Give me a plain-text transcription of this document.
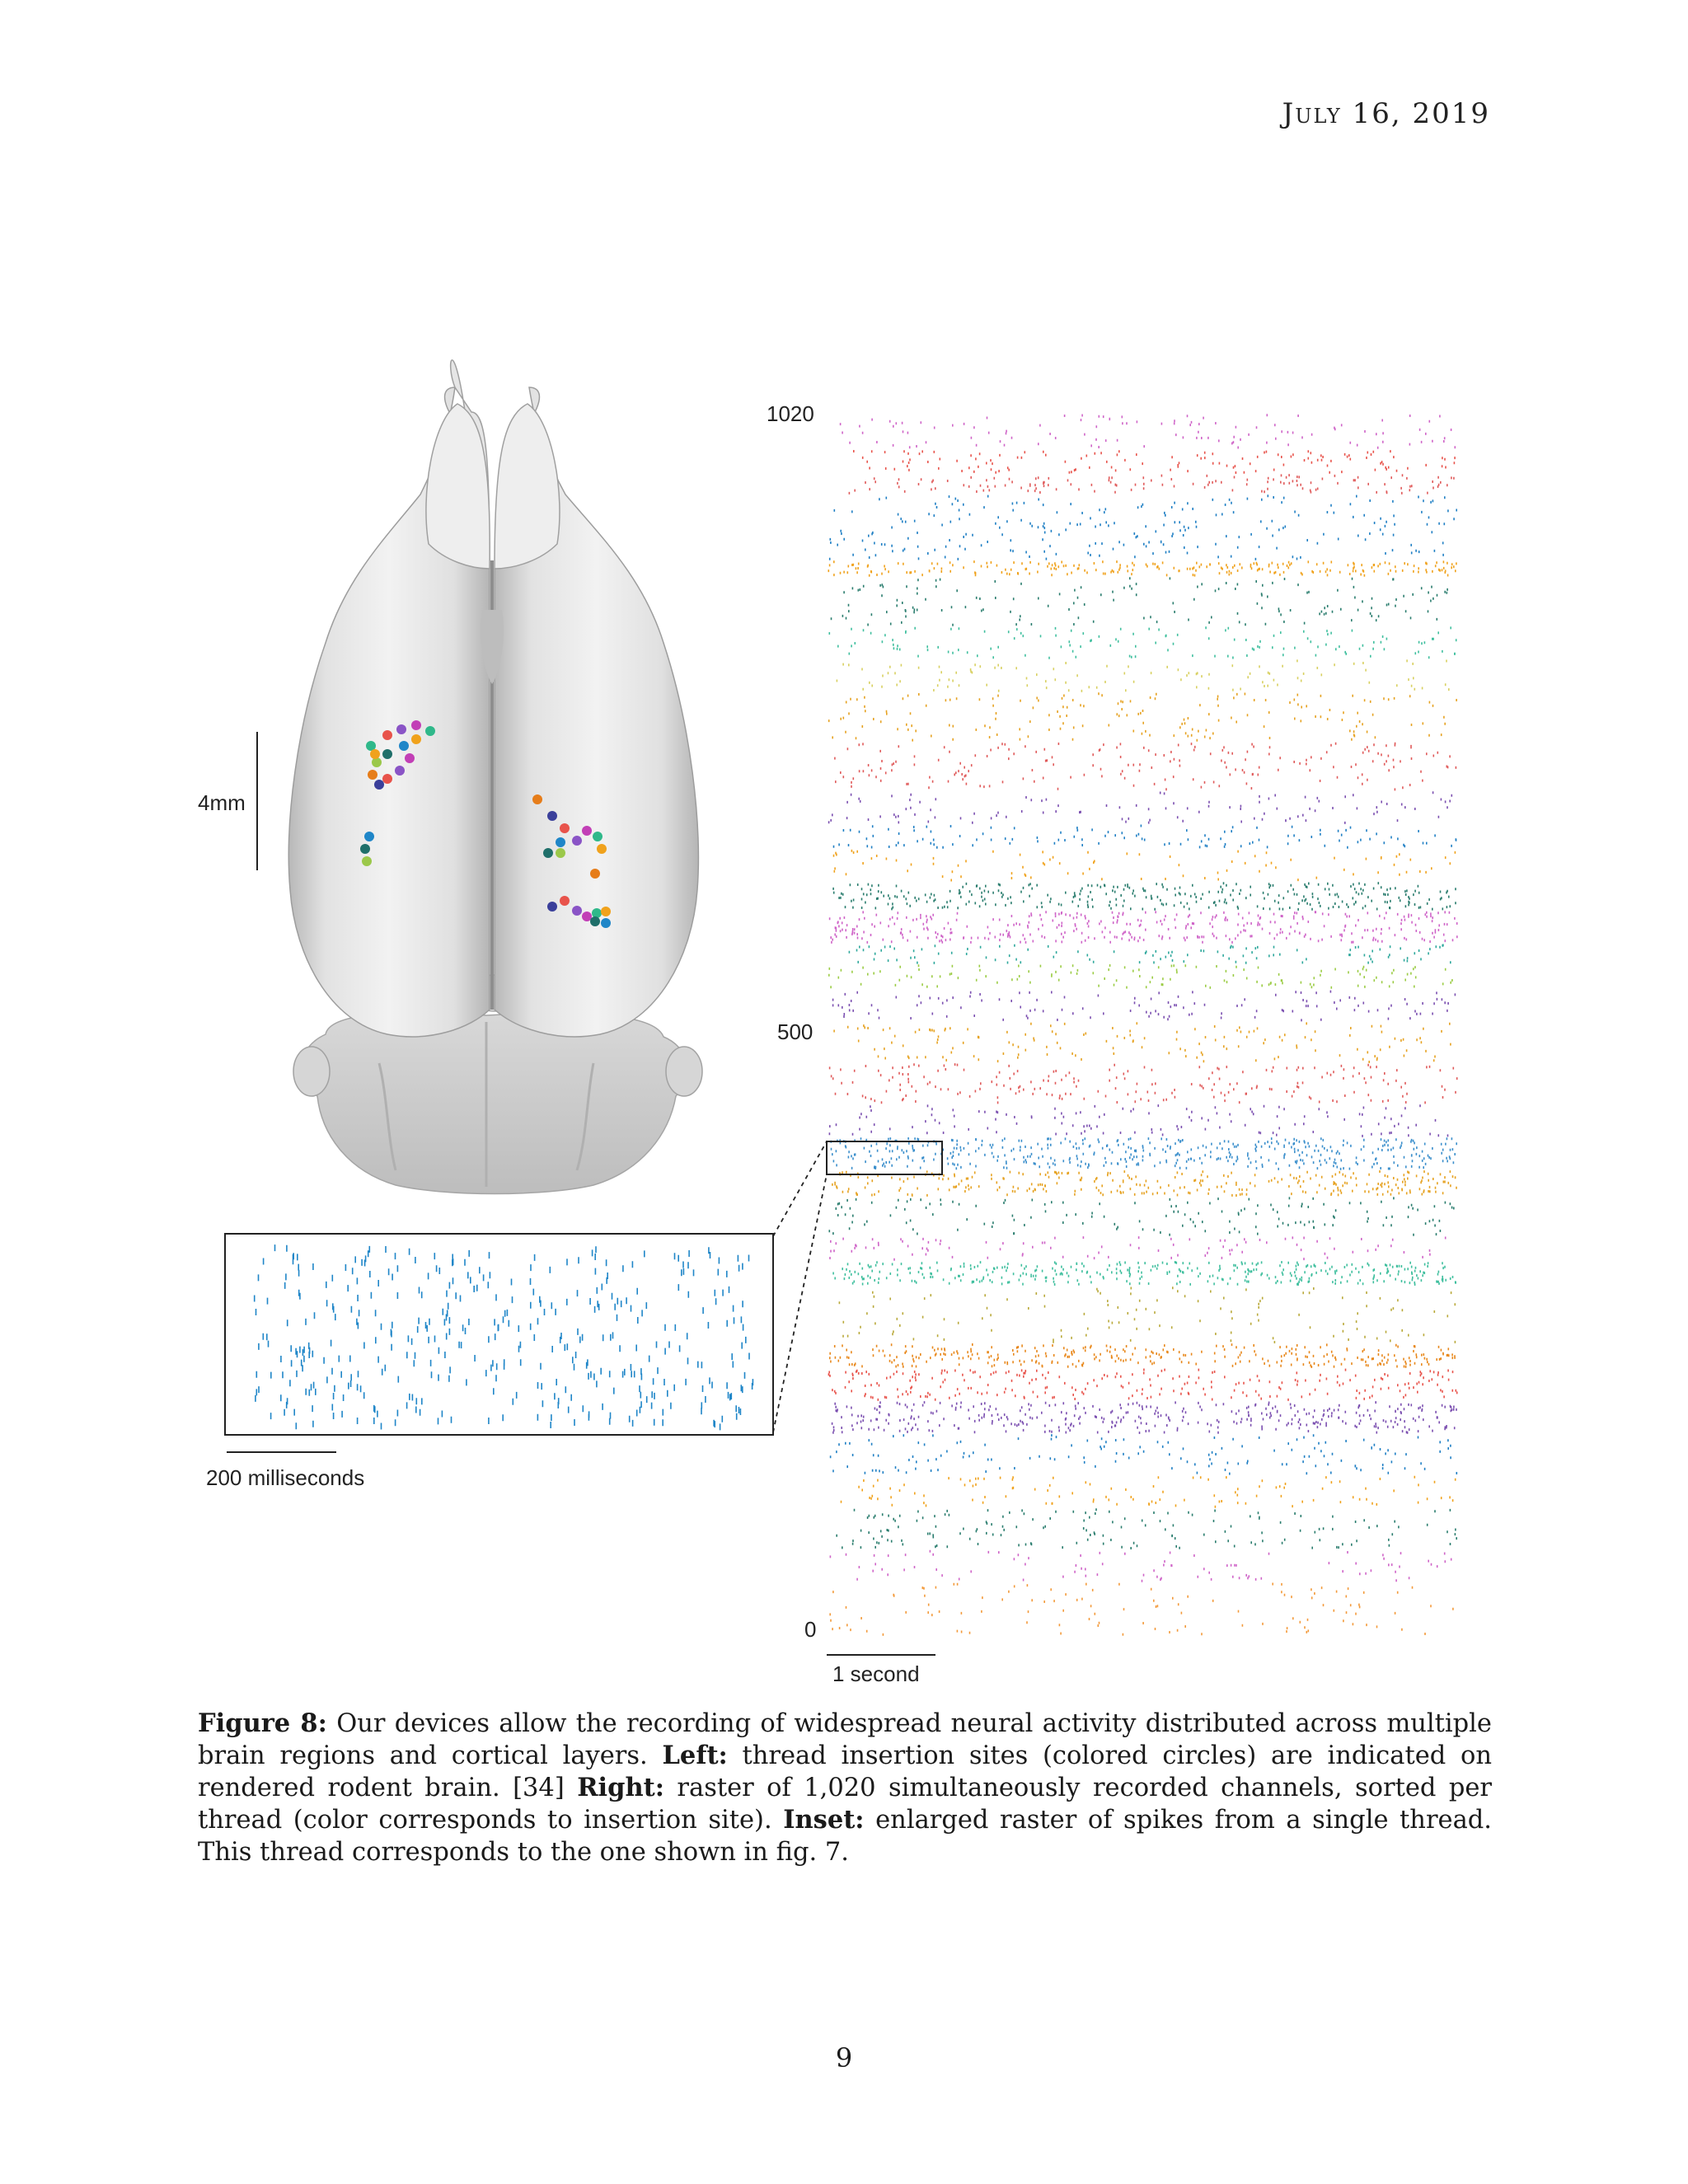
July 16, 2019
4mm
200 milliseconds
1020
500
0
1 second
Figure 8: Our devices allow the recording of widespread neural activity distributed across multiple brain regions and cortical layers. Left: thread insertion sites (colored circles) are indicated on rendered rodent brain. [34] Right: raster of 1,020 simultaneously recorded channels, sorted per thread (color corresponds to insertion site). Inset: enlarged raster of spikes from a single thread. This thread corresponds to the one shown in fig. 7.
9
